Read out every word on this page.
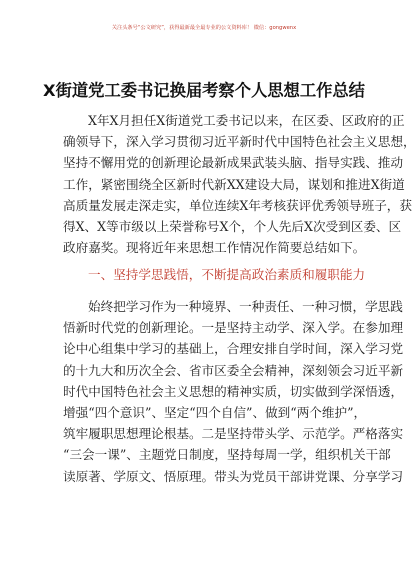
关注头条号“公文研究”，获得最新最全最专业的公文资料库！ 微信：gongwenx
X街道党工委书记换届考察个人思想工作总结
X年X月担任X街道党工委书记以来，在区委、区政府的正
确领导下，深入学习贯彻习近平新时代中国特色社会主义思想，
坚持不懈用党的创新理论最新成果武装头脑、指导实践、推动
工作，紧密围绕全区新时代新XX建设大局，谋划和推进X街道
高质量发展走深走实，单位连续X年考核获评优秀领导班子，获
得X、X等市级以上荣誉称号X个，个人先后X次受到区委、区
政府嘉奖。现将近年来思想工作情况作简要总结如下。
一、坚持学思践悟，不断提高政治素质和履职能力
始终把学习作为一种境界、一种责任、一种习惯，学思践
悟新时代党的创新理论。一是坚持主动学、深入学。在参加理
论中心组集中学习的基础上，合理安排自学时间，深入学习党
的十九大和历次全会、省市区委全会精神，深刻领会习近平新
时代中国特色社会主义思想的精神实质，切实做到学深悟透，
增强“四个意识”、坚定“四个自信”、做到“两个维护”，
筑牢履职思想理论根基。二是坚持带头学、示范学。严格落实
“三会一课”、主题党日制度，坚持每周一学，组织机关干部
读原著、学原文、悟原理。带头为党员干部讲党课、分享学习
